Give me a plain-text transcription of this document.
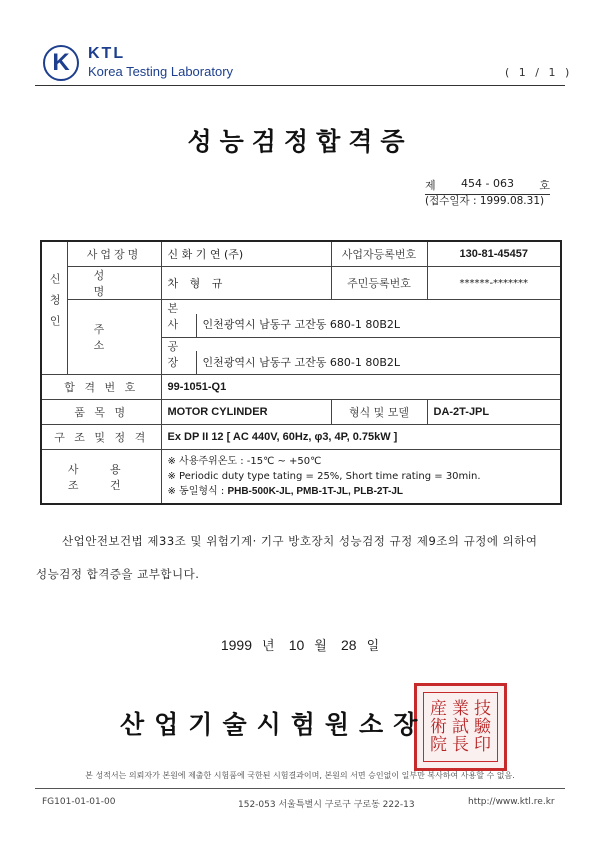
K	KTL
Korea Testing Laboratory	( 1 / 1 )
성능검정합격증
제 454 - 063 호
(접수일자 : 1999.08.31)
신청인	사업장명	신 화 기 연 (주)	사업자등록번호	130-81-45457
	성 명	차 형 규	주민등록번호	******-*******
	주 소	본 사 인천광역시 남동구 고잔동 680-1 80B2L		
		공 장 인천광역시 남동구 고잔동 680-1 80B2L		
합 격 번 호		99-1051-Q1		
품 목 명		MOTOR CYLINDER	형식 및 모델	DA-2T-JPL
구 조 및 정 격		Ex DP II 12 [ AC 440V, 60Hz, φ3, 4P, 0.75kW ]		
사 용 조 건		※ 사용주위온도 : -15℃ ~ +50℃
※ Periodic duty type tating = 25%, Short time rating = 30min.
※ 동일형식 : PHB-500K-JL, PMB-1T-JL, PLB-2T-JL		
산업안전보건법 제33조 및 위험기계· 기구 방호장치 성능검정 규정 제9조의 규정에 의하여
성능검정 합격증을 교부합니다.
1999 년 10 월 28 일
産 業 技
術 試 驗
院 長 印
산업기술시험원소장
본 성적서는 의뢰자가 본원에 제출한 시험품에 국한된 시험결과이며, 본원의 서면 승인없이 일부만 복사하여 사용할 수 없음.
FG101-01-01-00	152-053 서울특별시 구로구 구로동 222-13	http://www.ktl.re.kr
